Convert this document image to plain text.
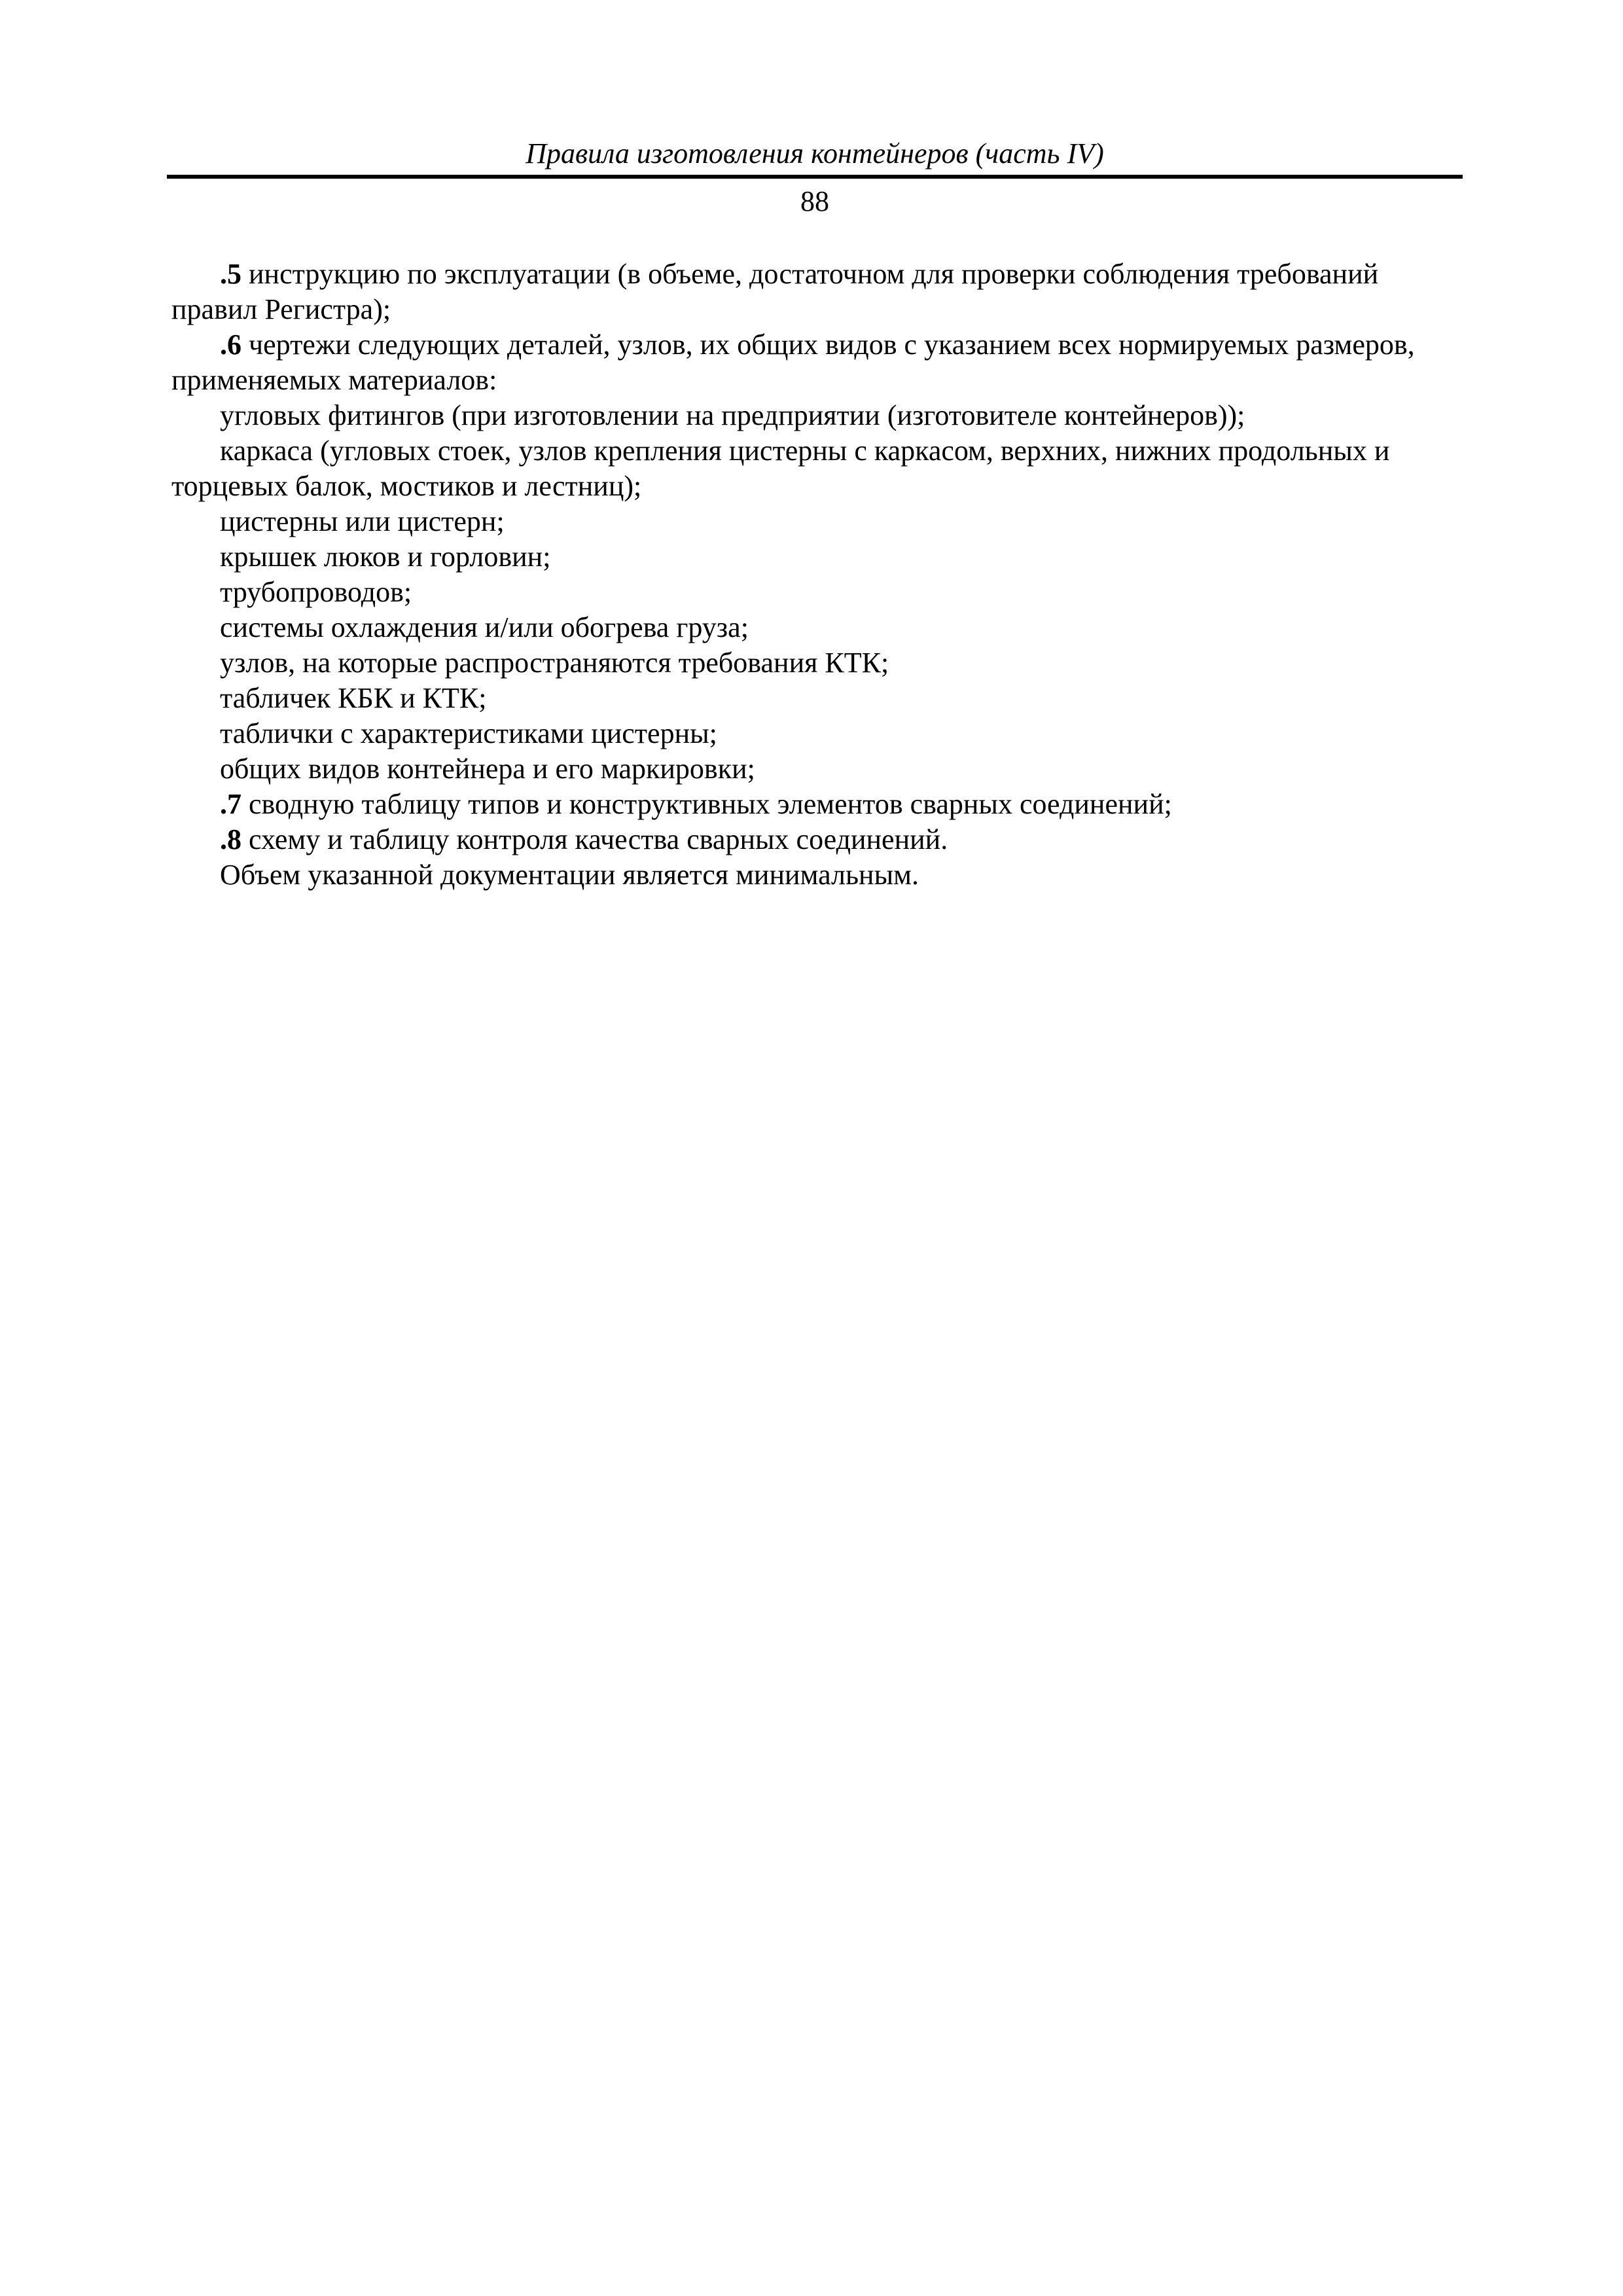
Правила изготовления контейнеров (часть IV)
88

.5 инструкцию по эксплуатации (в объеме, достаточном для проверки соблюдения требований правил Регистра);

.6 чертежи следующих деталей, узлов, их общих видов с указанием всех нормируемых размеров, применяемых материалов:

угловых фитингов (при изготовлении на предприятии (изготовителе контейнеров));

каркаса (угловых стоек, узлов крепления цистерны с каркасом, верхних, нижних продольных и торцевых балок, мостиков и лестниц);

цистерны или цистерн;

крышек люков и горловин;

трубопроводов;

системы охлаждения и/или обогрева груза;

узлов, на которые распространяются требования КТК;

табличек КБК и КТК;

таблички с характеристиками цистерны;

общих видов контейнера и его маркировки;

.7 сводную таблицу типов и конструктивных элементов сварных соединений;

.8 схему и таблицу контроля качества сварных соединений.

Объем указанной документации является минимальным.
